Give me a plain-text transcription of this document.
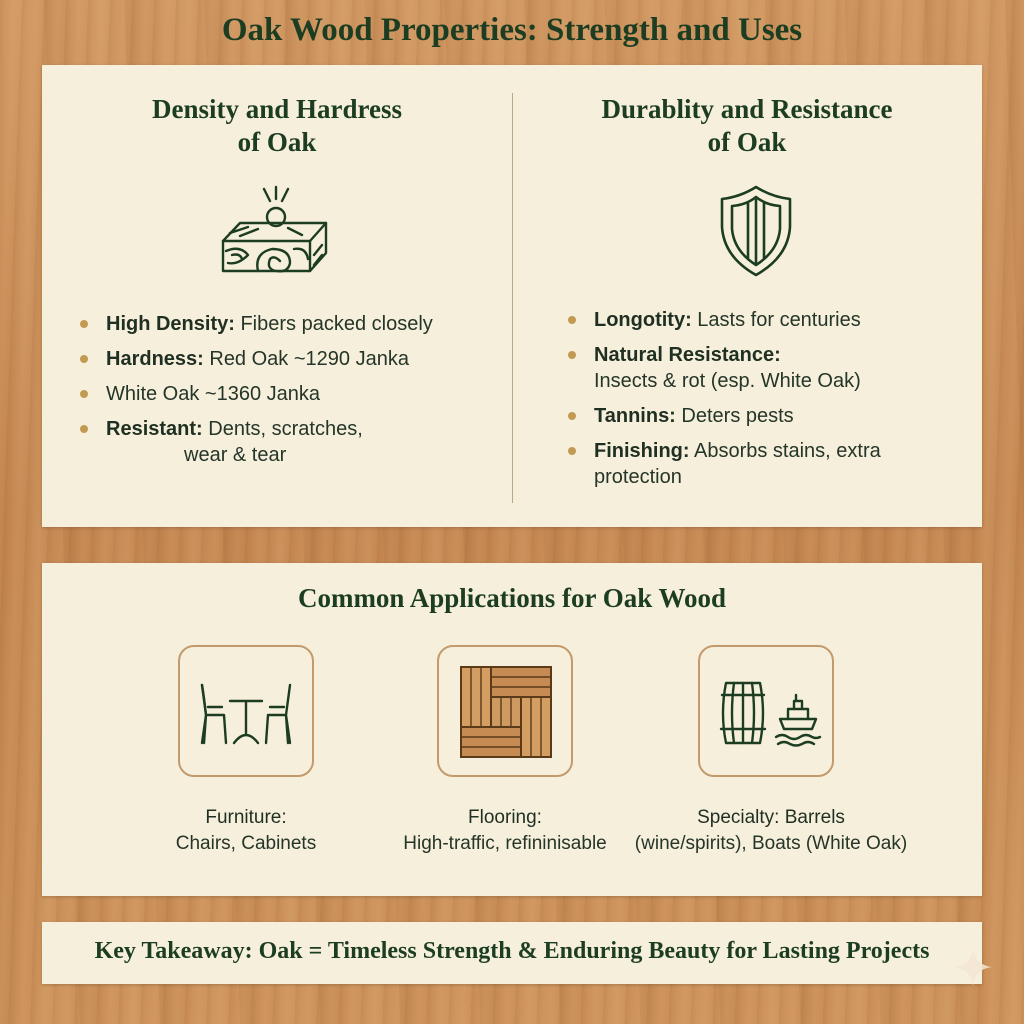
Oak Wood Properties: Strength and Uses
Density and Hardress
of Oak
High Density: Fibers packed closely
Hardness: Red Oak ~1290 Janka
White Oak ~1360 Janka
Resistant: Dents, scratches,
wear & tear
Durablity and Resistance
of Oak
Longotity: Lasts for centuries
Natural Resistance:
Insects & rot (esp. White Oak)
Tannins: Deters pests
Finishing: Absorbs stains, extra
protection
Common Applications for Oak Wood
Furniture:
Chairs, Cabinets
Flooring:
High-traffic, refininisable
Specialty: Barrels
(wine/spirits), Boats (White Oak)
Key Takeaway: Oak = Timeless Strength & Enduring Beauty for Lasting Projects
